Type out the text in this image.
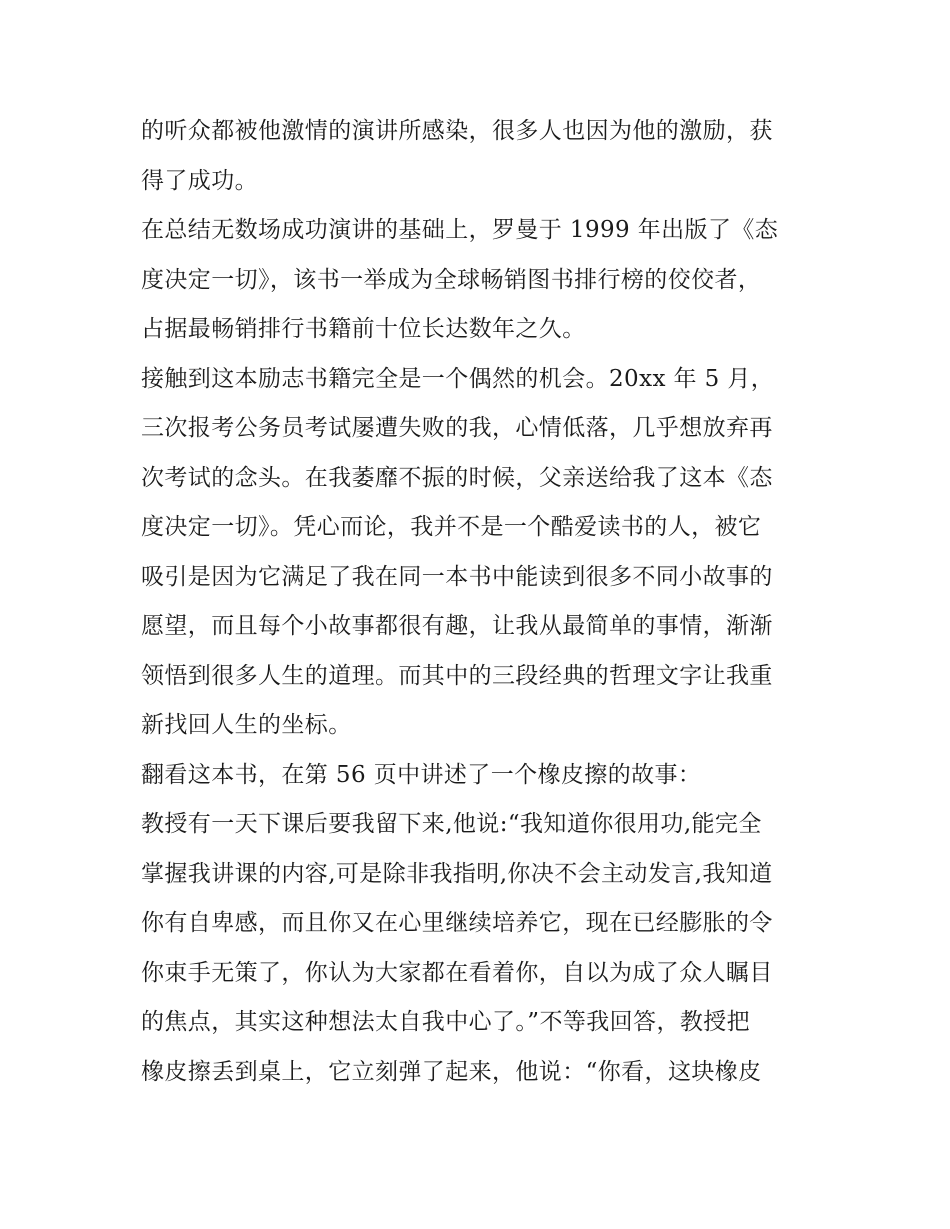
的听众都被他激情的演讲所感染，很多人也因为他的激励，获
得了成功。
在总结无数场成功演讲的基础上，罗曼于 1999 年出版了《态
度决定一切》，该书一举成为全球畅销图书排行榜的佼佼者，
占据最畅销排行书籍前十位长达数年之久。
接触到这本励志书籍完全是一个偶然的机会。20xx 年 5 月，
三次报考公务员考试屡遭失败的我，心情低落，几乎想放弃再
次考试的念头。在我萎靡不振的时候，父亲送给我了这本《态
度决定一切》。凭心而论，我并不是一个酷爱读书的人，被它
吸引是因为它满足了我在同一本书中能读到很多不同小故事的
愿望，而且每个小故事都很有趣，让我从最简单的事情，渐渐
领悟到很多人生的道理。而其中的三段经典的哲理文字让我重
新找回人生的坐标。
翻看这本书，在第 56 页中讲述了一个橡皮擦的故事：
教授有一天下课后要我留下来,他说:“我知道你很用功,能完全
掌握我讲课的内容,可是除非我指明,你决不会主动发言,我知道
你有自卑感，而且你又在心里继续培养它，现在已经膨胀的令
你束手无策了，你认为大家都在看着你，自以为成了众人瞩目
的焦点，其实这种想法太自我中心了。”不等我回答，教授把
橡皮擦丢到桌上，它立刻弹了起来，他说：“你看，这块橡皮
